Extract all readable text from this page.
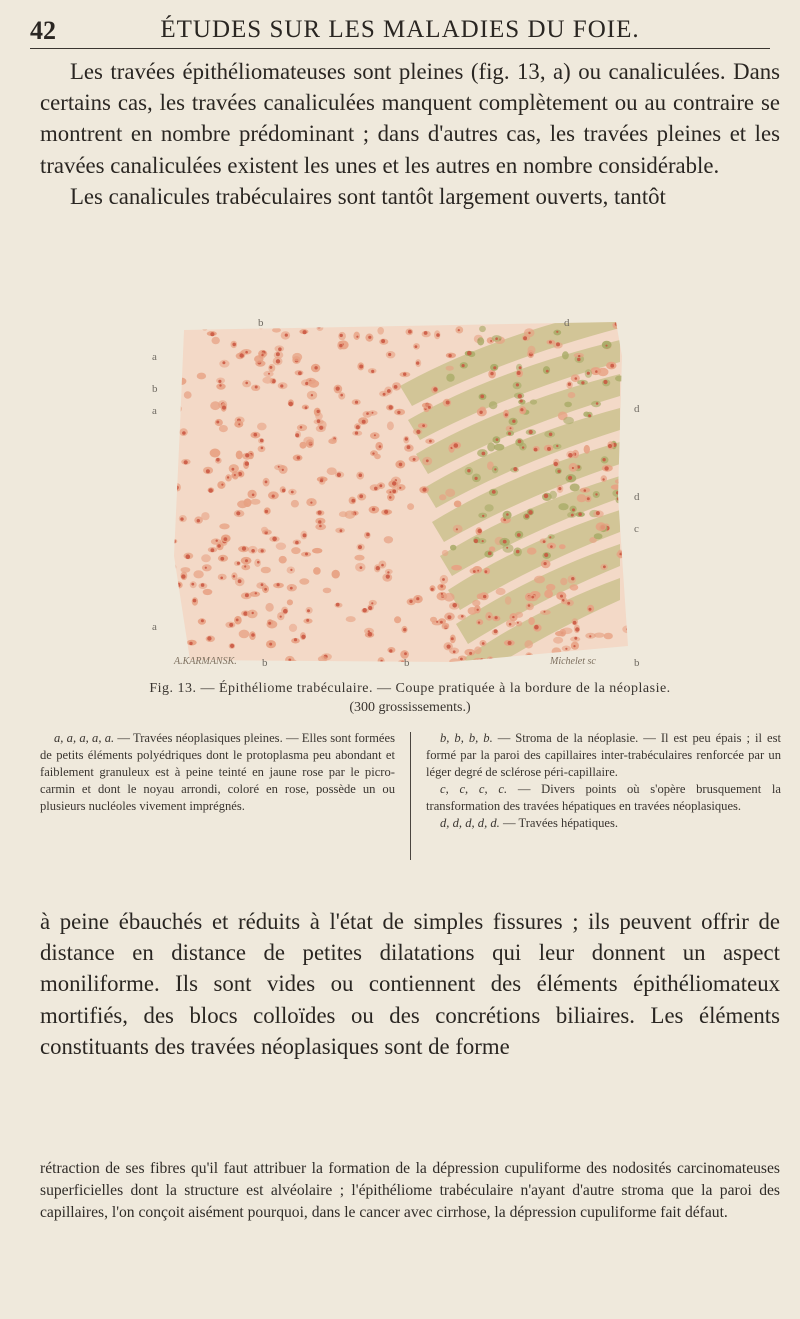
42	ÉTUDES SUR LES MALADIES DU FOIE.

Les travées épithéliomateuses sont pleines (fig. 13, a) ou canaliculées. Dans certains cas, les travées canaliculées manquent complètement ou au contraire se montrent en nombre prédominant ; dans d'autres cas, les travées pleines et les travées canaliculées existent les unes et les autres en nombre considérable.

Les canalicules trabéculaires sont tantôt largement ouverts, tantôt

a
b
a
a
d
d
c
b
b	d
b	b
A.KARMANSK.	Michelet sc
Fig. 13. — Épithéliome trabéculaire. — Coupe pratiquée à la bordure de la néoplasie.
(300 grossissements.)

a, a, a, a, a. — Travées néoplasiques pleines. — Elles sont formées de petits éléments polyédriques dont le protoplasma peu abondant et faiblement granuleux est à peine teinté en jaune rose par le picro-carmin et dont le noyau arrondi, coloré en rose, possède un ou plusieurs nucléoles vivement imprégnés.

b, b, b, b. — Stroma de la néoplasie. — Il est peu épais ; il est formé par la paroi des capillaires inter-trabéculaires renforcée par un léger degré de sclérose péri-capillaire.

c, c, c, c. — Divers points où s'opère brusquement la transformation des travées hépatiques en travées néoplasiques.

d, d, d, d, d. — Travées hépatiques.

à peine ébauchés et réduits à l'état de simples fissures ; ils peuvent offrir de distance en distance de petites dilatations qui leur donnent un aspect moniliforme. Ils sont vides ou contiennent des éléments épithéliomateux mortifiés, des blocs colloïdes ou des concrétions biliaires. Les éléments constituants des travées néoplasiques sont de forme

rétraction de ses fibres qu'il faut attribuer la formation de la dépression cupuliforme des nodosités carcinomateuses superficielles dont la structure est alvéolaire ; l'épithéliome trabéculaire n'ayant d'autre stroma que la paroi des capillaires, l'on conçoit aisément pourquoi, dans le cancer avec cirrhose, la dépression cupuliforme fait défaut.
